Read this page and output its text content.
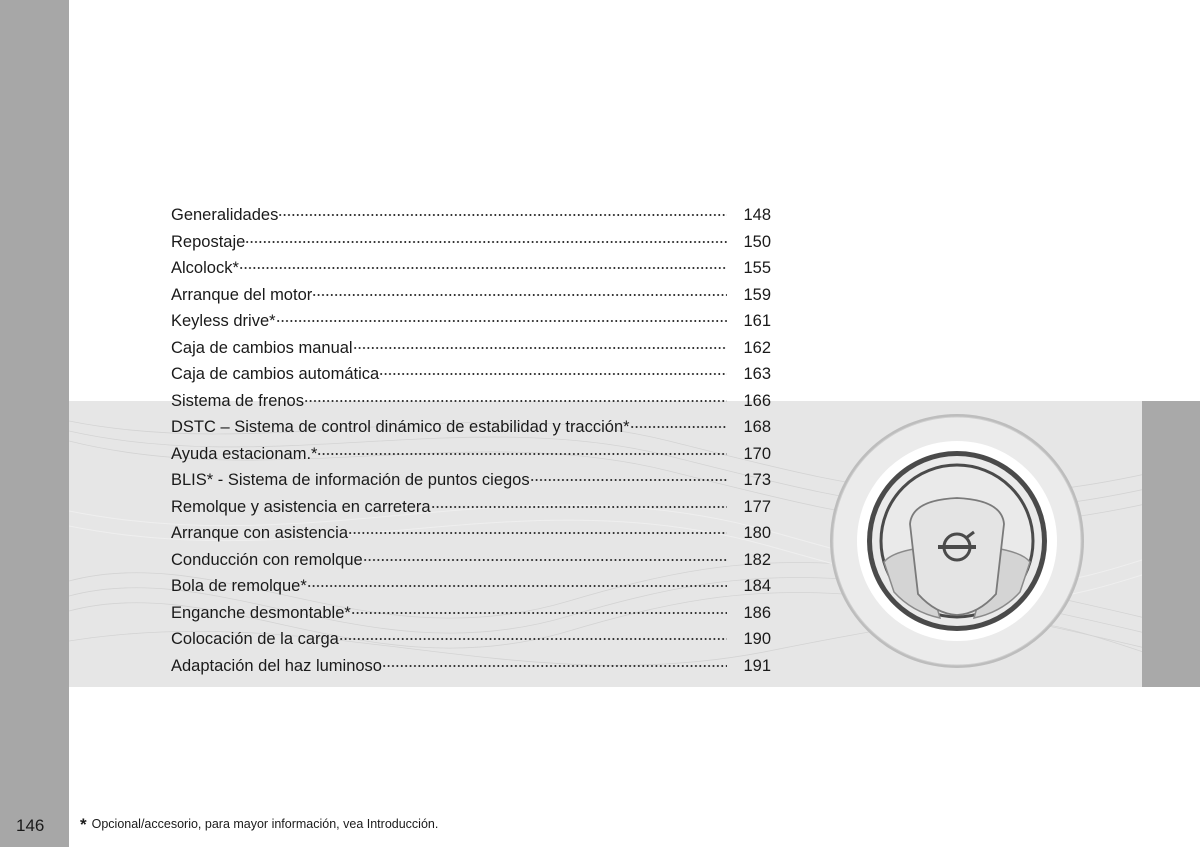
Generalidades	148
Repostaje	150
Alcolock*	155
Arranque del motor	159
Keyless drive*	161
Caja de cambios manual	162
Caja de cambios automática	163
Sistema de frenos	166
DSTC – Sistema de control dinámico de estabilidad y tracción*	168
Ayuda estacionam.*	170
BLIS* - Sistema de información de puntos ciegos	173
Remolque y asistencia en carretera	177
Arranque con asistencia	180
Conducción con remolque	182
Bola de remolque*	184
Enganche desmontable*	186
Colocación de la carga	190
Adaptación del haz luminoso	191
146	* Opcional/accesorio, para mayor información, vea Introducción.
